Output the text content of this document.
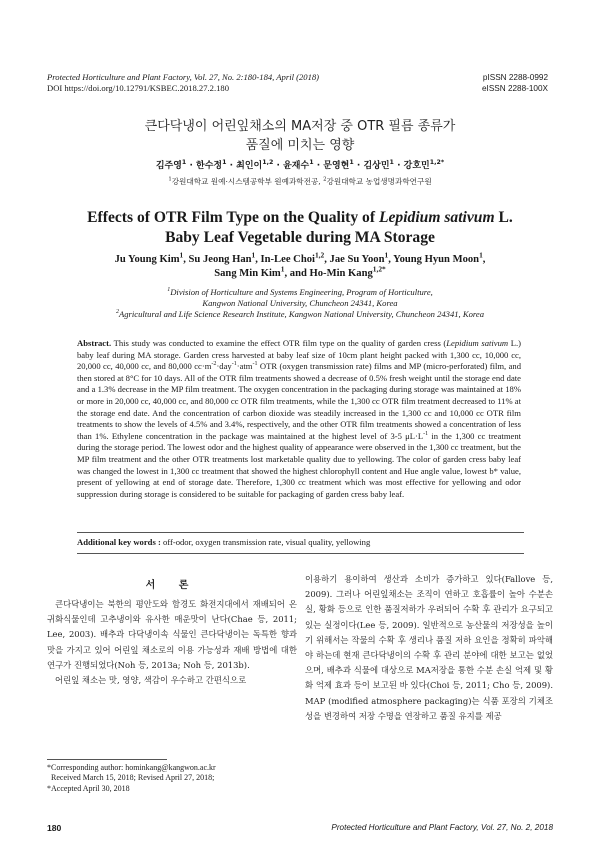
Protected Horticulture and Plant Factory, Vol. 27, No. 2:180-184, April (2018)
DOI https://doi.org/10.12791/KSBEC.2018.27.2.180
pISSN 2288-0992
eISSN 2288-100X
큰다닥냉이 어린잎채소의 MA저장 중 OTR 필름 종류가
품질에 미치는 영향
김주영$^1$ · 한수정$^1$ · 최인이$^{1,2}$ · 윤재수$^1$ · 문영현$^1$ · 김상민$^1$ · 강호민$^{1,2*}$
$^1$강원대학교 원예·시스템공학부 원예과학전공, $^2$강원대학교 농업생명과학연구원
Effects of OTR Film Type on the Quality of Lepidium sativum L.
Baby Leaf Vegetable during MA Storage
Ju Young Kim$^1$, Su Jeong Han$^1$, In-Lee Choi$^{1,2}$, Jae Su Yoon$^1$, Young Hyun Moon$^1$,
Sang Min Kim$^1$, and Ho-Min Kang$^{1,2*}$
$^1$Division of Horticulture and Systems Engineering, Program of Horticulture,
Kangwon National University, Chuncheon 24341, Korea
$^2$Agricultural and Life Science Research Institute, Kangwon National University, Chuncheon 24341, Korea
Abstract. This study was conducted to examine the effect OTR film type on the quality of garden cress (Lepidium sativum L.) baby leaf during MA storage. Garden cress harvested at baby leaf size of 10cm plant height packed with 1,300 cc, 10,000 cc, 20,000 cc, 40,000 cc, and 80,000 $cc\cdot m^{-2}\cdot day^{-1}\cdot atm^{-1}$ OTR (oxygen transmission rate) films and MP (micro-perforated) film, and then stored at 8°C for 10 days. All of the OTR film treatments showed a decrease of 0.5% fresh weight until the storage end date and a 1.3% decrease in the MP film treatment. The oxygen concentration in the packaging during storage was maintained at 18% or more in 20,000 cc, 40,000 cc, and 80,000 cc OTR film treatments, while the 1,300 cc OTR film treatment decreased to 11% at the storage end date. And the concentration of carbon dioxide was steadily increased in the 1,300 cc and 10,000 cc OTR film treatments to show the levels of 4.5% and 3.4%, respectively, and the other OTR film treatments showed a concentration of less than 1%. Ethylene concentration in the package was maintained at the highest level of 3-5 $\mu L\cdot L^{-1}$ in the 1,300 cc treatment during the storage period. The lowest odor and the highest quality of appearance were observed in the 1,300 cc treatment, but the MP film treatment and the other OTR treatments lost marketable quality due to yellowing. The color of garden cress baby leaf was changed the lowest in 1,300 cc treatment that showed the highest chlorophyll content and Hue angle value, lowest b* value, present of yellowing at end of storage date. Therefore, 1,300 cc treatment which was most effective for yellowing and odor suppression during storage is considered to be suitable for packaging of garden cress baby leaf.
Additional key words : off-odor, oxygen transmission rate, visual quality, yellowing
서 론

큰다닥냉이는 북한의 평안도와 함경도 화전지대에서 재배되어 온 귀화식물인데 고추냉이와 유사한 매운맛이 난다(Chae 등, 2011; Lee, 2003). 배추과 다닥냉이속 식물인 큰다닥냉이는 독특한 향과 맛을 가지고 있어 어린잎 채소로의 이용 가능성과 재배 방법에 대한 연구가 진행되었다(Noh 등, 2013a; Noh 등, 2013b).

어린잎 채소는 맛, 영양, 색감이 우수하고 간편식으로

이용하기 용이하여 생산과 소비가 증가하고 있다(Fallove 등, 2009). 그러나 어린잎채소는 조직이 연하고 호흡률이 높아 수분손실, 황화 등으로 인한 품질저하가 우려되어 수확 후 관리가 요구되고 있는 실정이다(Lee 등, 2009). 일반적으로 농산물의 저장성을 높이기 위해서는 작물의 수확 후 생리나 품질 저하 요인을 정확히 파악해야 하는데 현재 큰다닥냉이의 수확 후 관리 분야에 대한 보고는 없었으며, 배추과 식물에 대상으로 MA저장을 통한 수분 손실 억제 및 황화 억제 효과 등이 보고된 바 있다(Choi 등, 2011; Cho 등, 2009). MAP (modified atmosphere packaging)는 식품 포장의 기체조성을 변경하여 저장 수명을 연장하고 품질 유지를 제공

*Corresponding author: hominkang@kangwon.ac.kr
Received March 15, 2018; Revised April 27, 2018;
*Accepted April 30, 2018
180	Protected Horticulture and Plant Factory, Vol. 27, No. 2, 2018
